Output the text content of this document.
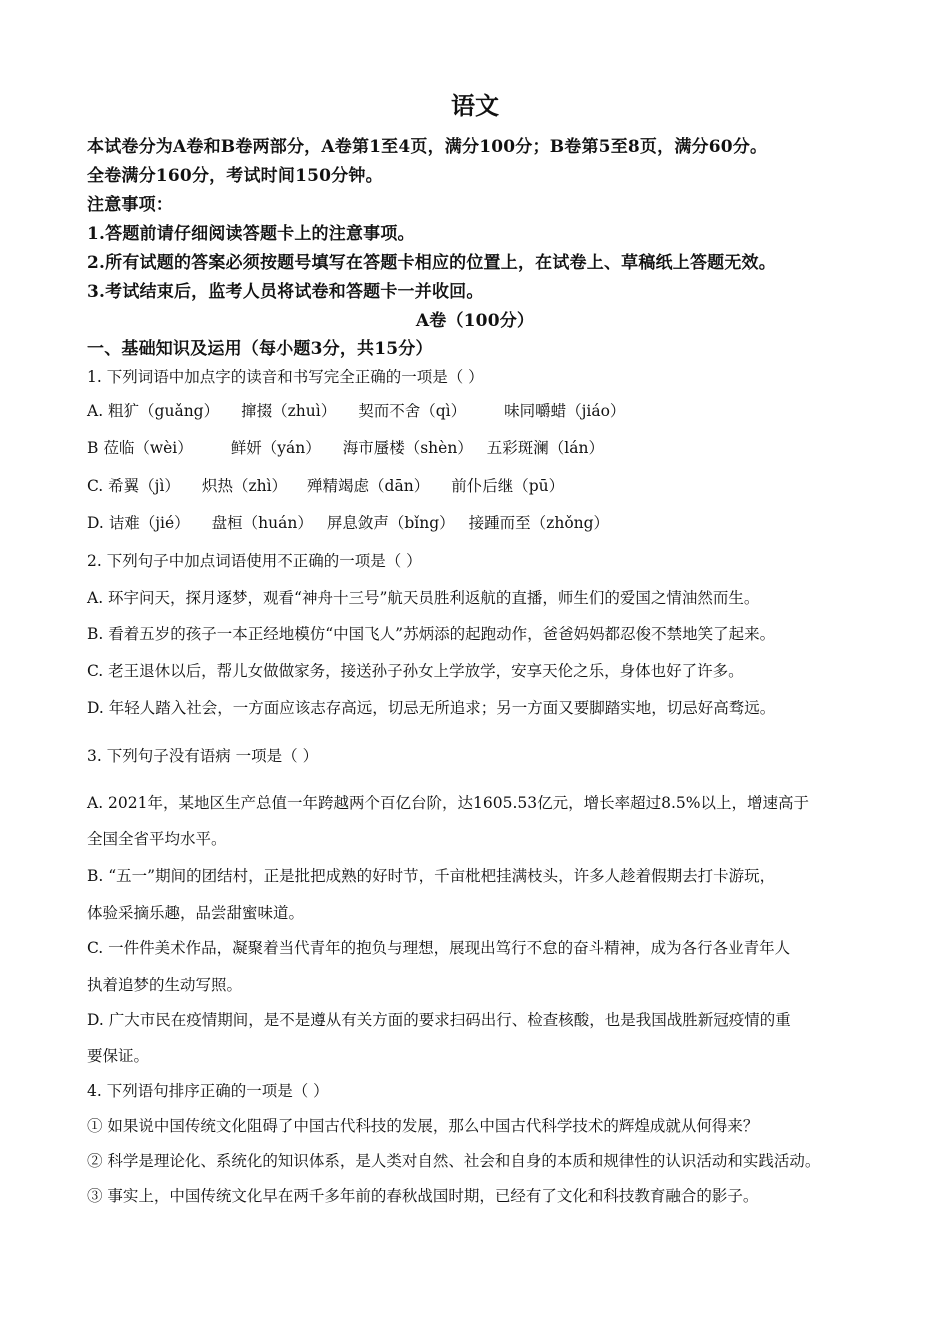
语文
本试卷分为A卷和B卷两部分，A卷第1至4页，满分100分；B卷第5至8页，满分60分。
全卷满分160分，考试时间150分钟。
注意事项：
1.答题前请仔细阅读答题卡上的注意事项。
2.所有试题的答案必须按题号填写在答题卡相应的位置上，在试卷上、草稿纸上答题无效。
3.考试结束后，监考人员将试卷和答题卡一并收回。
A卷（100分）
一、基础知识及运用（每小题3分，共15分）
1. 下列词语中加点字的读音和书写完全正确的一项是（ ）
A. 粗犷（guǎng） 撺掇（zhuì） 契而不舍（qì） 味同嚼蜡（jiáo）
B 莅临（wèi） 鲜妍（yán） 海市蜃楼（shèn） 五彩斑澜（lán）
C. 希翼（jì） 炽热（zhì） 殚精竭虑（dān） 前仆后继（pū）
D. 诘难（jié） 盘桓（huán） 屏息敛声（bǐng） 接踵而至（zhǒng）
2. 下列句子中加点词语使用不正确的一项是（ ）
A. 环宇问天，探月逐梦，观看“神舟十三号”航天员胜利返航的直播，师生们的爱国之情油然而生。
B. 看着五岁的孩子一本正经地模仿“中国飞人”苏炳添的起跑动作，爸爸妈妈都忍俊不禁地笑了起来。
C. 老王退休以后，帮儿女做做家务，接送孙子孙女上学放学，安享天伦之乐，身体也好了许多。
D. 年轻人踏入社会，一方面应该志存高远，切忌无所追求；另一方面又要脚踏实地，切忌好高骛远。
3. 下列句子没有语病 一项是（ ）
A. 2021年，某地区生产总值一年跨越两个百亿台阶，达1605.53亿元，增长率超过8.5%以上，增速高于
全国全省平均水平。
B. “五一”期间的团结村，正是批把成熟的好时节，千亩枇杷挂满枝头，许多人趁着假期去打卡游玩，
体验采摘乐趣，品尝甜蜜味道。
C. 一件件美术作品，凝聚着当代青年的抱负与理想，展现出笃行不怠的奋斗精神，成为各行各业青年人
执着追梦的生动写照。
D. 广大市民在疫情期间，是不是遵从有关方面的要求扫码出行、检查核酸，也是我国战胜新冠疫情的重
要保证。
4. 下列语句排序正确的一项是（ ）
① 如果说中国传统文化阻碍了中国古代科技的发展，那么中国古代科学技术的辉煌成就从何得来？
② 科学是理论化、系统化的知识体系，是人类对自然、社会和自身的本质和规律性的认识活动和实践活动。
③ 事实上，中国传统文化早在两千多年前的春秋战国时期，已经有了文化和科技教育融合的影子。
